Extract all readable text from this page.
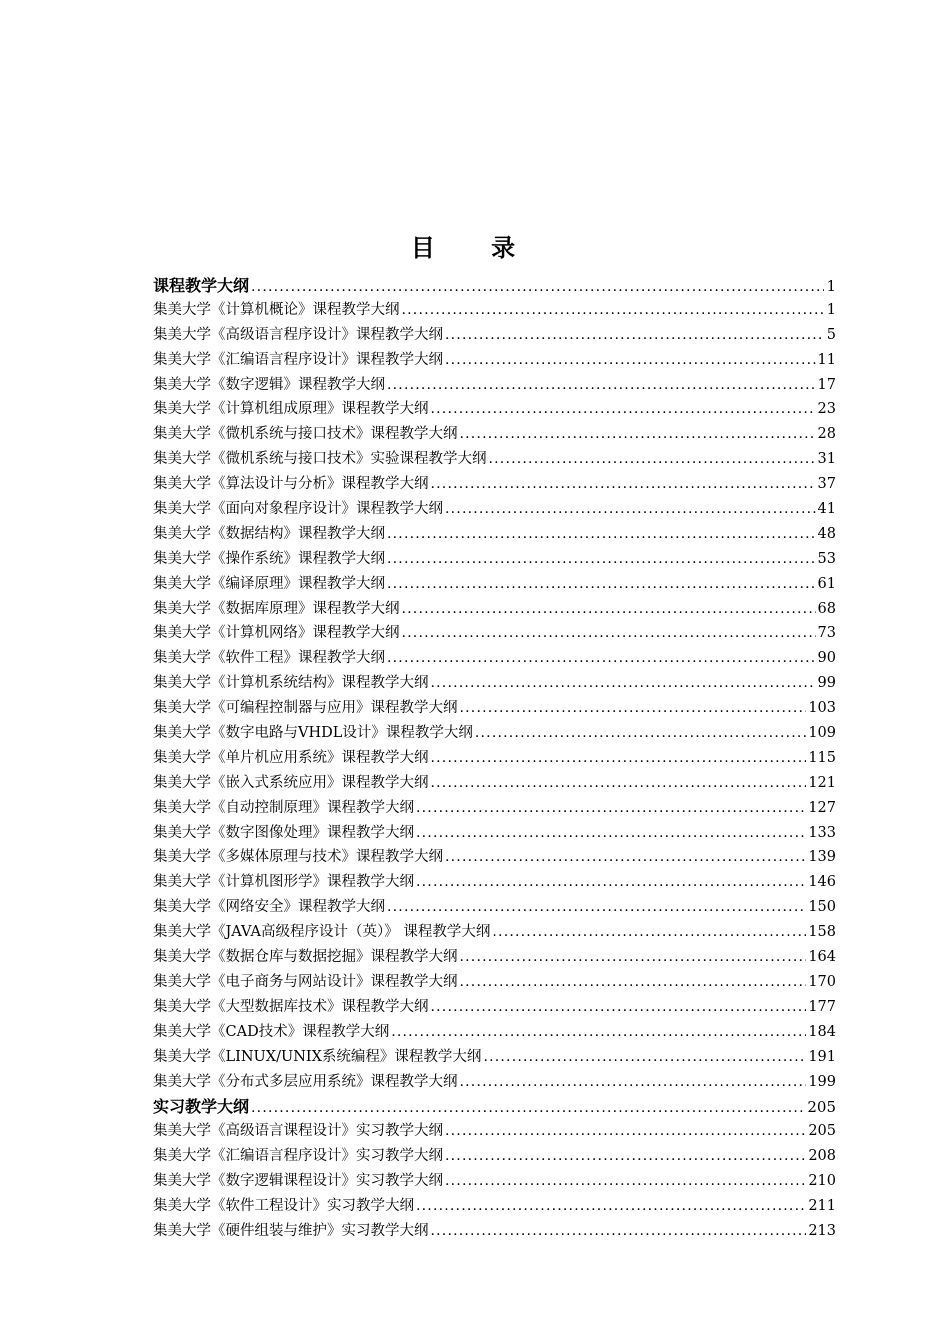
目 录
课程教学大纲 .....	1
集美大学《计算机概论》课程教学大纲 .....	1
集美大学《高级语言程序设计》课程教学大纲 .....	5
集美大学《汇编语言程序设计》课程教学大纲 .....	11
集美大学《数字逻辑》课程教学大纲 .....	17
集美大学《计算机组成原理》课程教学大纲 .....	23
集美大学《微机系统与接口技术》课程教学大纲 .....	28
集美大学《微机系统与接口技术》实验课程教学大纲 .....	31
集美大学《算法设计与分析》课程教学大纲 .....	37
集美大学《面向对象程序设计》课程教学大纲 .....	41
集美大学《数据结构》课程教学大纲 .....	48
集美大学《操作系统》课程教学大纲 .....	53
集美大学《编译原理》课程教学大纲 .....	61
集美大学《数据库原理》课程教学大纲 .....	68
集美大学《计算机网络》课程教学大纲 .....	73
集美大学《软件工程》课程教学大纲 .....	90
集美大学《计算机系统结构》课程教学大纲 .....	99
集美大学《可编程控制器与应用》课程教学大纲 .....	103
集美大学《数字电路与VHDL设计》课程教学大纲 .....	109
集美大学《单片机应用系统》课程教学大纲 .....	115
集美大学《嵌入式系统应用》课程教学大纲 .....	121
集美大学《自动控制原理》课程教学大纲 .....	127
集美大学《数字图像处理》课程教学大纲 .....	133
集美大学《多媒体原理与技术》课程教学大纲 .....	139
集美大学《计算机图形学》课程教学大纲 .....	146
集美大学《网络安全》课程教学大纲 .....	150
集美大学《JAVA高级程序设计（英）》 课程教学大纲 .....	158
集美大学《数据仓库与数据挖掘》课程教学大纲 .....	164
集美大学《电子商务与网站设计》课程教学大纲 .....	170
集美大学《大型数据库技术》课程教学大纲 .....	177
集美大学《CAD技术》课程教学大纲 .....	184
集美大学《LINUX/UNIX系统编程》课程教学大纲 .....	191
集美大学《分布式多层应用系统》课程教学大纲 .....	199
实习教学大纲 .....	205
集美大学《高级语言课程设计》实习教学大纲 .....	205
集美大学《汇编语言程序设计》实习教学大纲 .....	208
集美大学《数字逻辑课程设计》实习教学大纲 .....	210
集美大学《软件工程设计》实习教学大纲 .....	211
集美大学《硬件组装与维护》实习教学大纲 .....	213
